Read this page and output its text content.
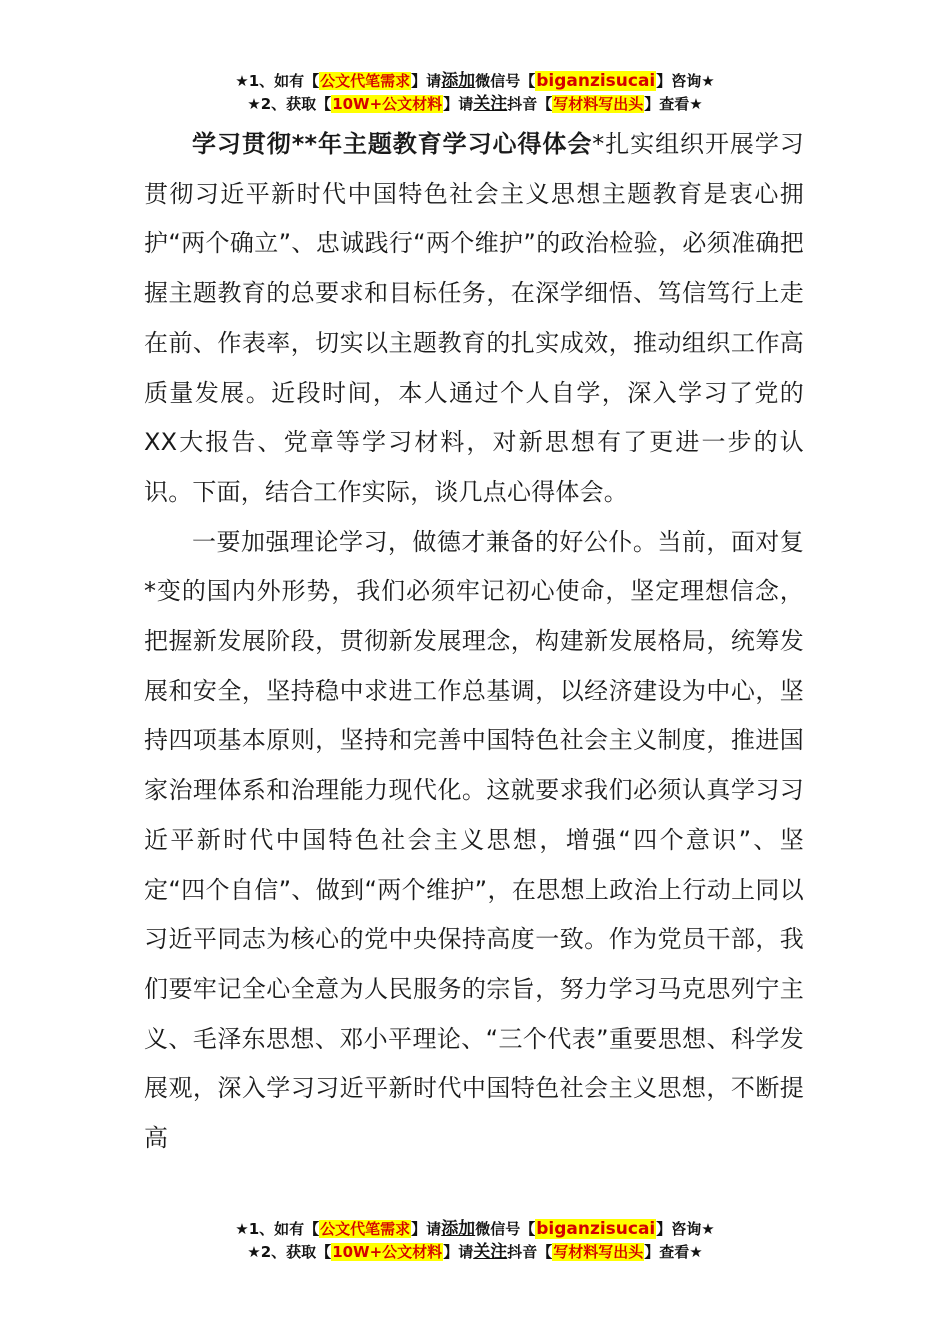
★1、如有【公文代笔需求】请添加微信号【biganzisucai】咨询★
★2、获取【10W+公文材料】请关注抖音【写材料写出头】查看★

学习贯彻**年主题教育学习心得体会*扎实组织开展学习贯彻习近平新时代中国特色社会主义思想主题教育是衷心拥护“两个确立”、忠诚践行“两个维护”的政治检验，必须准确把握主题教育的总要求和目标任务，在深学细悟、笃信笃行上走在前、作表率，切实以主题教育的扎实成效，推动组织工作高质量发展。近段时间，本人通过个人自学，深入学习了党的XX大报告、党章等学习材料，对新思想有了更进一步的认识。下面，结合工作实际，谈几点心得体会。

一要加强理论学习，做德才兼备的好公仆。当前，面对复*变的国内外形势，我们必须牢记初心使命，坚定理想信念，把握新发展阶段，贯彻新发展理念，构建新发展格局，统筹发展和安全，坚持稳中求进工作总基调，以经济建设为中心，坚持四项基本原则，坚持和完善中国特色社会主义制度，推进国家治理体系和治理能力现代化。这就要求我们必须认真学习习近平新时代中国特色社会主义思想，增强“四个意识”、坚定“四个自信”、做到“两个维护”，在思想上政治上行动上同以习近平同志为核心的党中央保持高度一致。作为党员干部，我们要牢记全心全意为人民服务的宗旨，努力学习马克思列宁主义、毛泽东思想、邓小平理论、“三个代表”重要思想、科学发展观，深入学习习近平新时代中国特色社会主义思想，不断提高

★1、如有【公文代笔需求】请添加微信号【biganzisucai】咨询★
★2、获取【10W+公文材料】请关注抖音【写材料写出头】查看★
